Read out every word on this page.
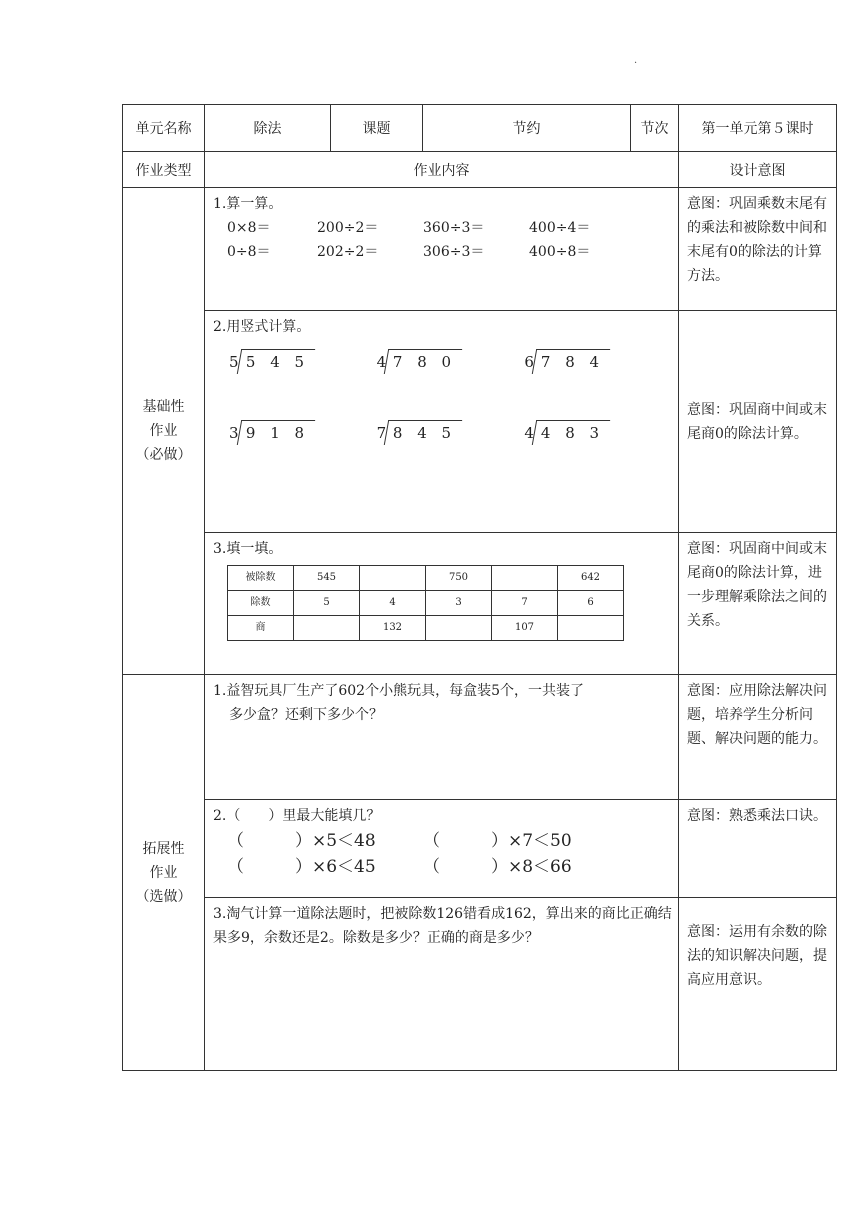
·
单元名称	除法	课题	节约	节次	第一单元第５课时
作业类型	作业内容	设计意图

基础性
作业
（必做）

1.算一算。
0×8＝	200÷2＝	360÷3＝	400÷4＝
0÷8＝	202÷2＝	306÷3＝	400÷8＝
	意图：巩固乘数末尾有的乘法和被除数中间和末尾有0的除法的计算方法。

2.用竖式计算。
5 5 4 5	4 7 8 0	6 7 8 4
3 9 1 8	7 8 4 5	4 4 8 3
	意图：巩固商中间或末尾商0的除法计算。

3.填一填。
被除数	545		750		642
除数	5	4	3	7	6
商		132		107	
	意图：巩固商中间或末尾商0的除法计算，进一步理解乘除法之间的关系。

拓展性
作业
（选做）

1.益智玩具厂生产了602个小熊玩具，每盒装5个，一共装了
多少盒？还剩下多少个？
	意图：应用除法解决问题，培养学生分析问题、解决问题的能力。

2.（　　）里最大能填几？
（　　　）×5＜48	（　　　）×7＜50
（　　　）×6＜45	（　　　）×8＜66
	意图：熟悉乘法口诀。

3.淘气计算一道除法题时，把被除数126错看成162，算出来的商比正确结果多9，余数还是2。除数是多少？正确的商是多少？	意图：运用有余数的除法的知识解决问题，提高应用意识。
